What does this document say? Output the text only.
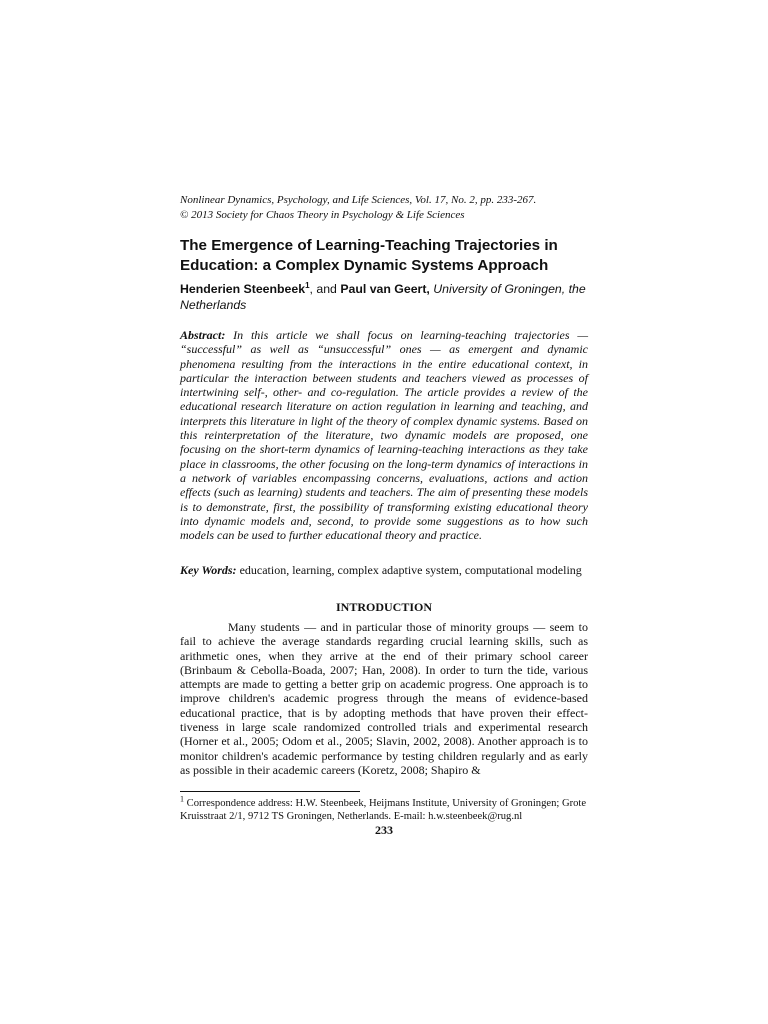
Nonlinear Dynamics, Psychology, and Life Sciences, Vol. 17, No. 2, pp. 233-267.
© 2013 Society for Chaos Theory in Psychology & Life Sciences
The Emergence of Learning-Teaching Trajectories in Education: a Complex Dynamic Systems Approach
Henderien Steenbeek$^1$, and Paul van Geert, University of Groningen, the Netherlands
Abstract: In this article we shall focus on learning-teaching trajectories — “successful” as well as “unsuccessful” ones — as emergent and dynamic phenomena resulting from the interactions in the entire educational context, in particular the interaction between students and teachers viewed as processes of intertwining self-, other- and co-regulation. The article provides a review of the educational research literature on action regulation in learning and teaching, and interprets this literature in light of the theory of complex dynamic systems. Based on this reinterpretation of the literature, two dynamic models are proposed, one focusing on the short-term dynamics of learning-teaching interactions as they take place in classrooms, the other focusing on the long-term dynamics of interactions in a network of variables encompassing concerns, evaluations, actions and action effects (such as learning) students and teachers. The aim of presenting these models is to demonstrate, first, the possibility of transforming existing educational theory into dynamic models and, second, to provide some suggestions as to how such models can be used to further educational theory and practice.
Key Words: education, learning, complex adaptive system, computational modeling
INTRODUCTION
Many students — and in particular those of minority groups — seem to fail to achieve the average standards regarding crucial learning skills, such as arithmetic ones, when they arrive at the end of their primary school career (Brinbaum & Cebolla-Boada, 2007; Han, 2008). In order to turn the tide, various attempts are made to getting a better grip on academic progress. One approach is to improve children's academic progress through the means of evidence-based educational practice, that is by adopting methods that have proven their effect-tiveness in large scale randomized controlled trials and experimental research (Horner et al., 2005; Odom et al., 2005; Slavin, 2002, 2008). Another approach is to monitor children's academic performance by testing children regularly and as early as possible in their academic careers (Koretz, 2008; Shapiro &
$^1$ Correspondence address: H.W. Steenbeek, Heijmans Institute, University of Groningen; Grote Kruisstraat 2/1, 9712 TS Groningen, Netherlands. E-mail: h.w.steenbeek@rug.nl
233
